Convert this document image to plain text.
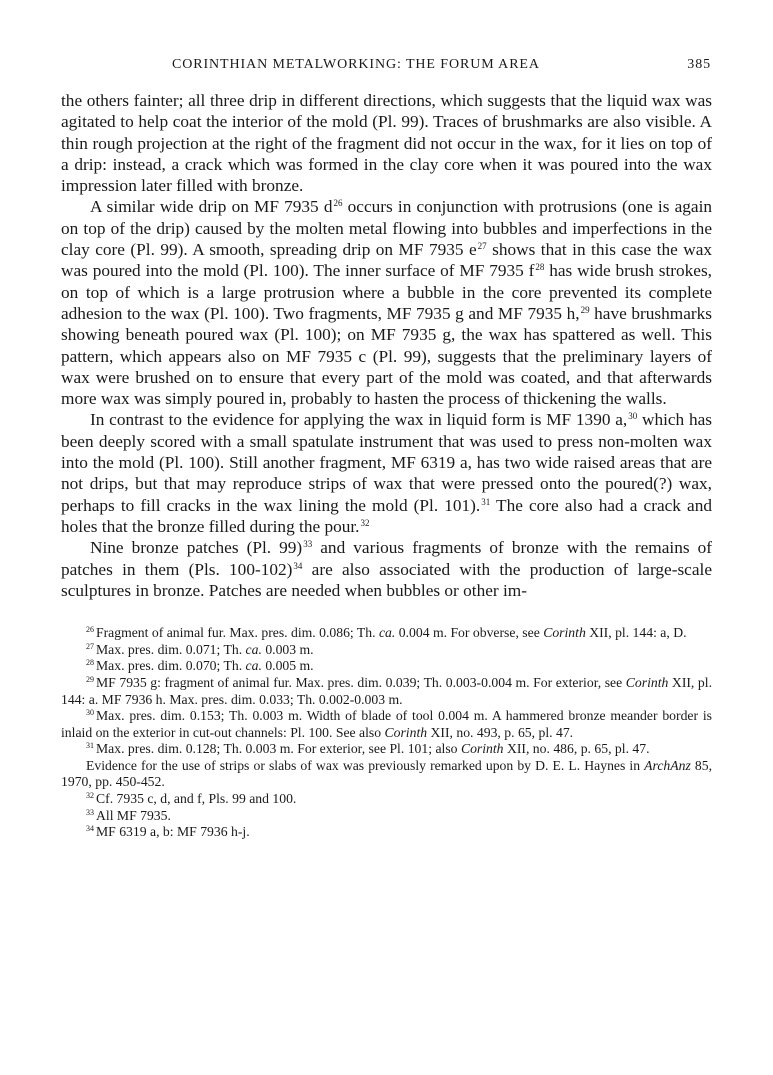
CORINTHIAN METALWORKING: THE FORUM AREA	385

the others fainter; all three drip in different directions, which suggests that the liquid wax was agitated to help coat the interior of the mold (Pl. 99). Traces of brushmarks are also visible. A thin rough projection at the right of the fragment did not occur in the wax, for it lies on top of a drip: instead, a crack which was formed in the clay core when it was poured into the wax impression later filled with bronze.

A similar wide drip on MF 7935 $d^{26}$ occurs in conjunction with protrusions (one is again on top of the drip) caused by the molten metal flowing into bubbles and imperfections in the clay core (Pl. 99). A smooth, spreading drip on MF 7935 $e^{27}$ shows that in this case the wax was poured into the mold (Pl. 100). The inner surface of MF 7935 $f^{28}$ has wide brush strokes, on top of which is a large protrusion where a bubble in the core prevented its complete adhesion to the wax (Pl. 100). Two fragments, MF 7935 g and MF 7935 h,$^{29}$ have brushmarks showing beneath poured wax (Pl. 100); on MF 7935 g, the wax has spattered as well. This pattern, which appears also on MF 7935 c (Pl. 99), suggests that the preliminary layers of wax were brushed on to ensure that every part of the mold was coated, and that afterwards more wax was simply poured in, probably to hasten the process of thickening the walls.

In contrast to the evidence for applying the wax in liquid form is MF 1390 a,$^{30}$ which has been deeply scored with a small spatulate instrument that was used to press non-molten wax into the mold (Pl. 100). Still another fragment, MF 6319 a, has two wide raised areas that are not drips, but that may reproduce strips of wax that were pressed onto the poured(?) wax, perhaps to fill cracks in the wax lining the mold (Pl. 101).$^{31}$ The core also had a crack and holes that the bronze filled during the pour.$^{32}$

Nine bronze patches (Pl. 99)$^{33}$ and various fragments of bronze with the remains of patches in them (Pls. 100-102)$^{34}$ are also associated with the production of large-scale sculptures in bronze. Patches are needed when bubbles or other im-

$^{26}$ Fragment of animal fur. Max. pres. dim. 0.086; Th. ca. 0.004 m. For obverse, see Corinth XII, pl. 144: a, D.

$^{27}$ Max. pres. dim. 0.071; Th. ca. 0.003 m.

$^{28}$ Max. pres. dim. 0.070; Th. ca. 0.005 m.

$^{29}$ MF 7935 g: fragment of animal fur. Max. pres. dim. 0.039; Th. 0.003-0.004 m. For exterior, see Corinth XII, pl. 144: a. MF 7936 h. Max. pres. dim. 0.033; Th. 0.002-0.003 m.

$^{30}$ Max. pres. dim. 0.153; Th. 0.003 m. Width of blade of tool 0.004 m. A hammered bronze meander border is inlaid on the exterior in cut-out channels: Pl. 100. See also Corinth XII, no. 493, p. 65, pl. 47.

$^{31}$ Max. pres. dim. 0.128; Th. 0.003 m. For exterior, see Pl. 101; also Corinth XII, no. 486, p. 65, pl. 47.

Evidence for the use of strips or slabs of wax was previously remarked upon by D. E. L. Haynes in ArchAnz 85, 1970, pp. 450-452.

$^{32}$ Cf. 7935 c, d, and f, Pls. 99 and 100.

$^{33}$ All MF 7935.

$^{34}$ MF 6319 a, b: MF 7936 h-j.
